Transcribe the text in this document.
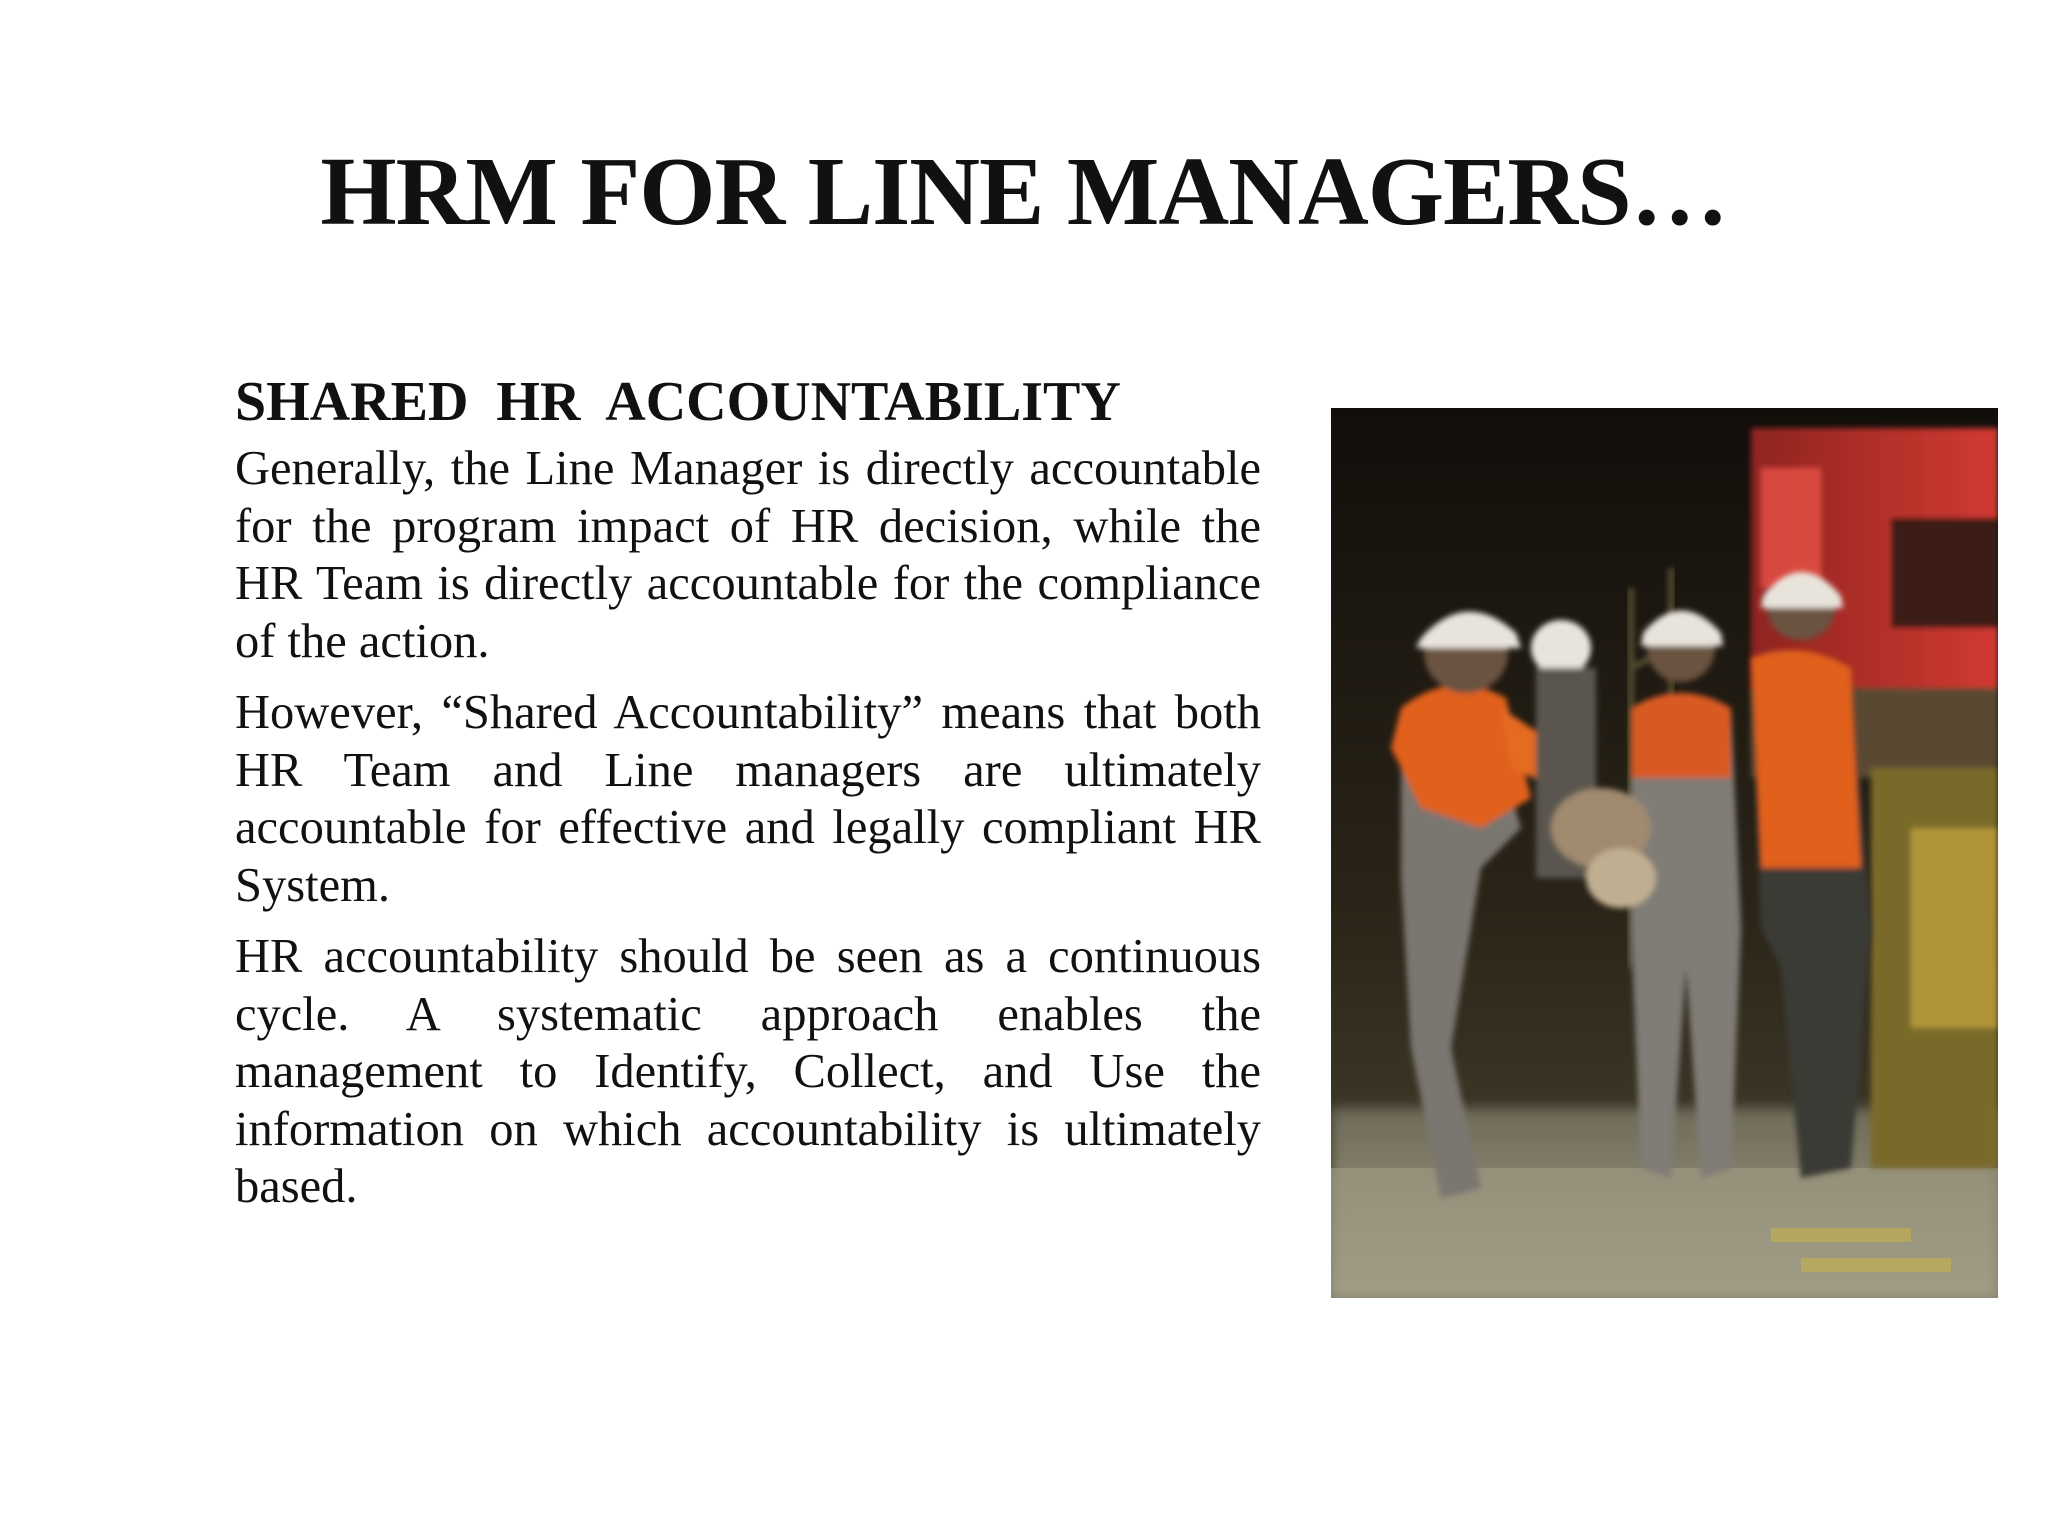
HRM FOR LINE MANAGERS…
SHARED  HR  ACCOUNTABILITY

Generally, the Line Manager is directly accountable for the program impact of HR decision, while the HR Team is directly accountable for the compliance of the action.

However, “Shared Accountability” means that both HR Team and Line managers are ultimately accountable for effective and legally compliant HR System.

HR accountability should be seen as a continuous cycle. A systematic approach enables the management to Identify, Collect, and Use the information on which accountability is ultimately based.
